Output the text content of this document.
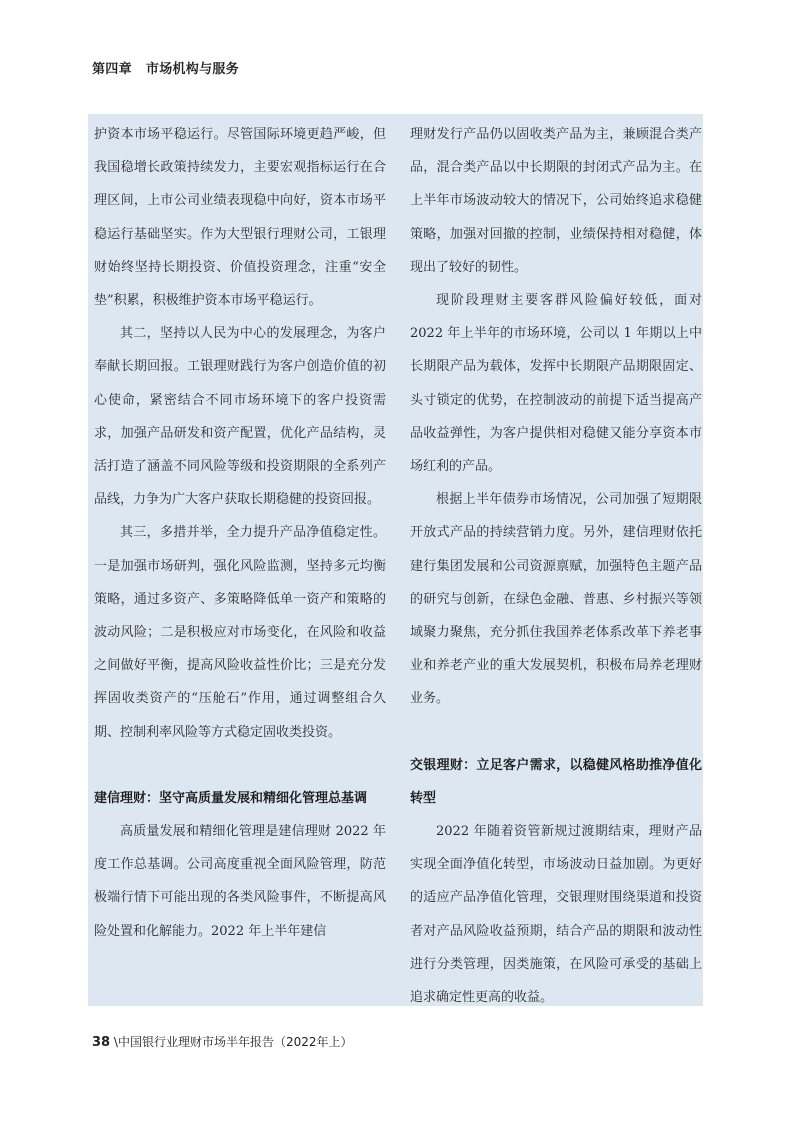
第四章 市场机构与服务

护资本市场平稳运行。尽管国际环境更趋严峻，但我国稳增长政策持续发力，主要宏观指标运行在合理区间，上市公司业绩表现稳中向好，资本市场平稳运行基础坚实。作为大型银行理财公司，工银理财始终坚持长期投资、价值投资理念，注重“安全垫”积累，积极维护资本市场平稳运行。

其二，坚持以人民为中心的发展理念，为客户奉献长期回报。工银理财践行为客户创造价值的初心使命，紧密结合不同市场环境下的客户投资需求，加强产品研发和资产配置，优化产品结构，灵活打造了涵盖不同风险等级和投资期限的全系列产品线，力争为广大客户获取长期稳健的投资回报。

其三，多措并举，全力提升产品净值稳定性。一是加强市场研判，强化风险监测，坚持多元均衡策略，通过多资产、多策略降低单一资产和策略的波动风险；二是积极应对市场变化，在风险和收益之间做好平衡，提高风险收益性价比；三是充分发挥固收类资产的“压舱石”作用，通过调整组合久期、控制利率风险等方式稳定固收类投资。

建信理财：坚守高质量发展和精细化管理总基调

高质量发展和精细化管理是建信理财 2022 年度工作总基调。公司高度重视全面风险管理，防范极端行情下可能出现的各类风险事件，不断提高风险处置和化解能力。2022 年上半年建信

理财发行产品仍以固收类产品为主，兼顾混合类产品，混合类产品以中长期限的封闭式产品为主。在上半年市场波动较大的情况下，公司始终追求稳健策略，加强对回撤的控制，业绩保持相对稳健，体现出了较好的韧性。

现阶段理财主要客群风险偏好较低，面对 2022 年上半年的市场环境，公司以 1 年期以上中长期限产品为载体，发挥中长期限产品期限固定、头寸锁定的优势，在控制波动的前提下适当提高产品收益弹性，为客户提供相对稳健又能分享资本市场红利的产品。

根据上半年债券市场情况，公司加强了短期限开放式产品的持续营销力度。另外，建信理财依托建行集团发展和公司资源禀赋，加强特色主题产品的研究与创新，在绿色金融、普惠、乡村振兴等领域聚力聚焦，充分抓住我国养老体系改革下养老事业和养老产业的重大发展契机，积极布局养老理财业务。

交银理财：立足客户需求，以稳健风格助推净值化转型

2022 年随着资管新规过渡期结束，理财产品实现全面净值化转型，市场波动日益加剧。为更好的适应产品净值化管理，交银理财围绕渠道和投资者对产品风险收益预期，结合产品的期限和波动性进行分类管理，因类施策，在风险可承受的基础上追求确定性更高的收益。

38 \中国银行业理财市场半年报告（2022年上）
